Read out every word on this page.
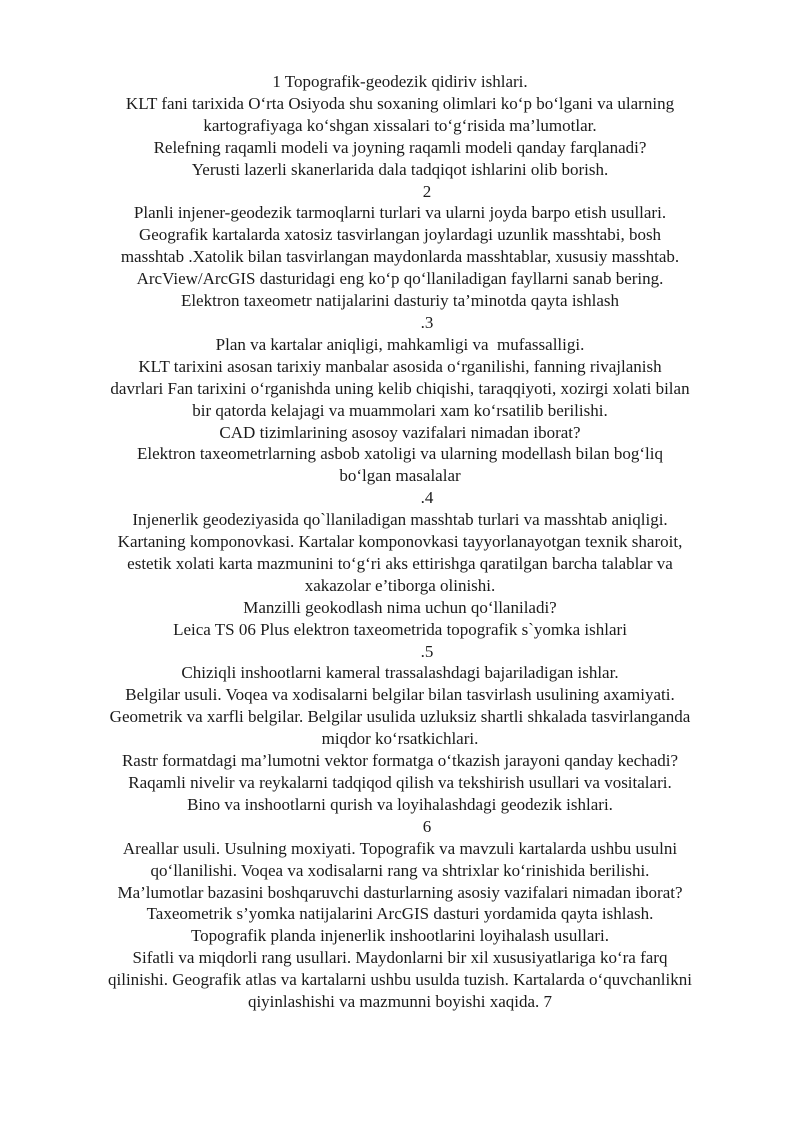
1 Topografik-geodezik qidiriv ishlari.
KLT fani tarixida O‘rta Osiyoda shu soxaning olimlari ko‘p bo‘lgani va ularning
kartografiyaga ko‘shgan xissalari to‘g‘risida ma’lumotlar.
Relefning raqamli modeli va joyning raqamli modeli qanday farqlanadi?
Yerusti lazerli skanerlarida dala tadqiqot ishlarini olib borish.
2
Planli injener-geodezik tarmoqlarni turlari va ularni joyda barpo etish usullari.
Geografik kartalarda xatosiz tasvirlangan joylardagi uzunlik masshtabi, bosh
masshtab .Xatolik bilan tasvirlangan maydonlarda masshtablar, xususiy masshtab.
ArcView/ArcGIS dasturidagi eng ko‘p qo‘llaniladigan fayllarni sanab bering.
Elektron taxeometr natijalarini dasturiy ta’minotda qayta ishlash
.3
Plan va kartalar aniqligi, mahkamligi va  mufassalligi.
KLT tarixini asosan tarixiy manbalar asosida o‘rganilishi, fanning rivajlanish
davrlari Fan tarixini o‘rganishda uning kelib chiqishi, taraqqiyoti, xozirgi xolati bilan
bir qatorda kelajagi va muammolari xam ko‘rsatilib berilishi.
CAD tizimlarining asosoy vazifalari nimadan iborat?
Elektron taxeometrlarning asbob xatoligi va ularning modellash bilan bog‘liq
bo‘lgan masalalar
.4
Injenerlik geodeziyasida qo`llaniladigan masshtab turlari va masshtab aniqligi.
Kartaning komponovkasi. Kartalar komponovkasi tayyorlanayotgan texnik sharoit,
estetik xolati karta mazmunini to‘g‘ri aks ettirishga qaratilgan barcha talablar va
xakazolar e’tiborga olinishi.
Manzilli geokodlash nima uchun qo‘llaniladi?
Leica TS 06 Plus elektron taxeometrida topografik s`yomka ishlari
.5
Chiziqli inshootlarni kameral trassalashdagi bajariladigan ishlar.
Belgilar usuli. Voqea va xodisalarni belgilar bilan tasvirlash usulining axamiyati.
Geometrik va xarfli belgilar. Belgilar usulida uzluksiz shartli shkalada tasvirlanganda
miqdor ko‘rsatkichlari.
Rastr formatdagi ma’lumotni vektor formatga o‘tkazish jarayoni qanday kechadi?
Raqamli nivelir va reykalarni tadqiqod qilish va tekshirish usullari va vositalari.
Bino va inshootlarni qurish va loyihalashdagi geodezik ishlari.
6
Areallar usuli. Usulning moxiyati. Topografik va mavzuli kartalarda ushbu usulni
qo‘llanilishi. Voqea va xodisalarni rang va shtrixlar ko‘rinishida berilishi.
Ma’lumotlar bazasini boshqaruvchi dasturlarning asosiy vazifalari nimadan iborat?
Taxeometrik s’yomka natijalarini ArcGIS dasturi yordamida qayta ishlash.
Topografik planda injenerlik inshootlarini loyihalash usullari.
Sifatli va miqdorli rang usullari. Maydonlarni bir xil xususiyatlariga ko‘ra farq
qilinishi. Geografik atlas va kartalarni ushbu usulda tuzish. Kartalarda o‘quvchanlikni
qiyinlashishi va mazmunni boyishi xaqida. 7
